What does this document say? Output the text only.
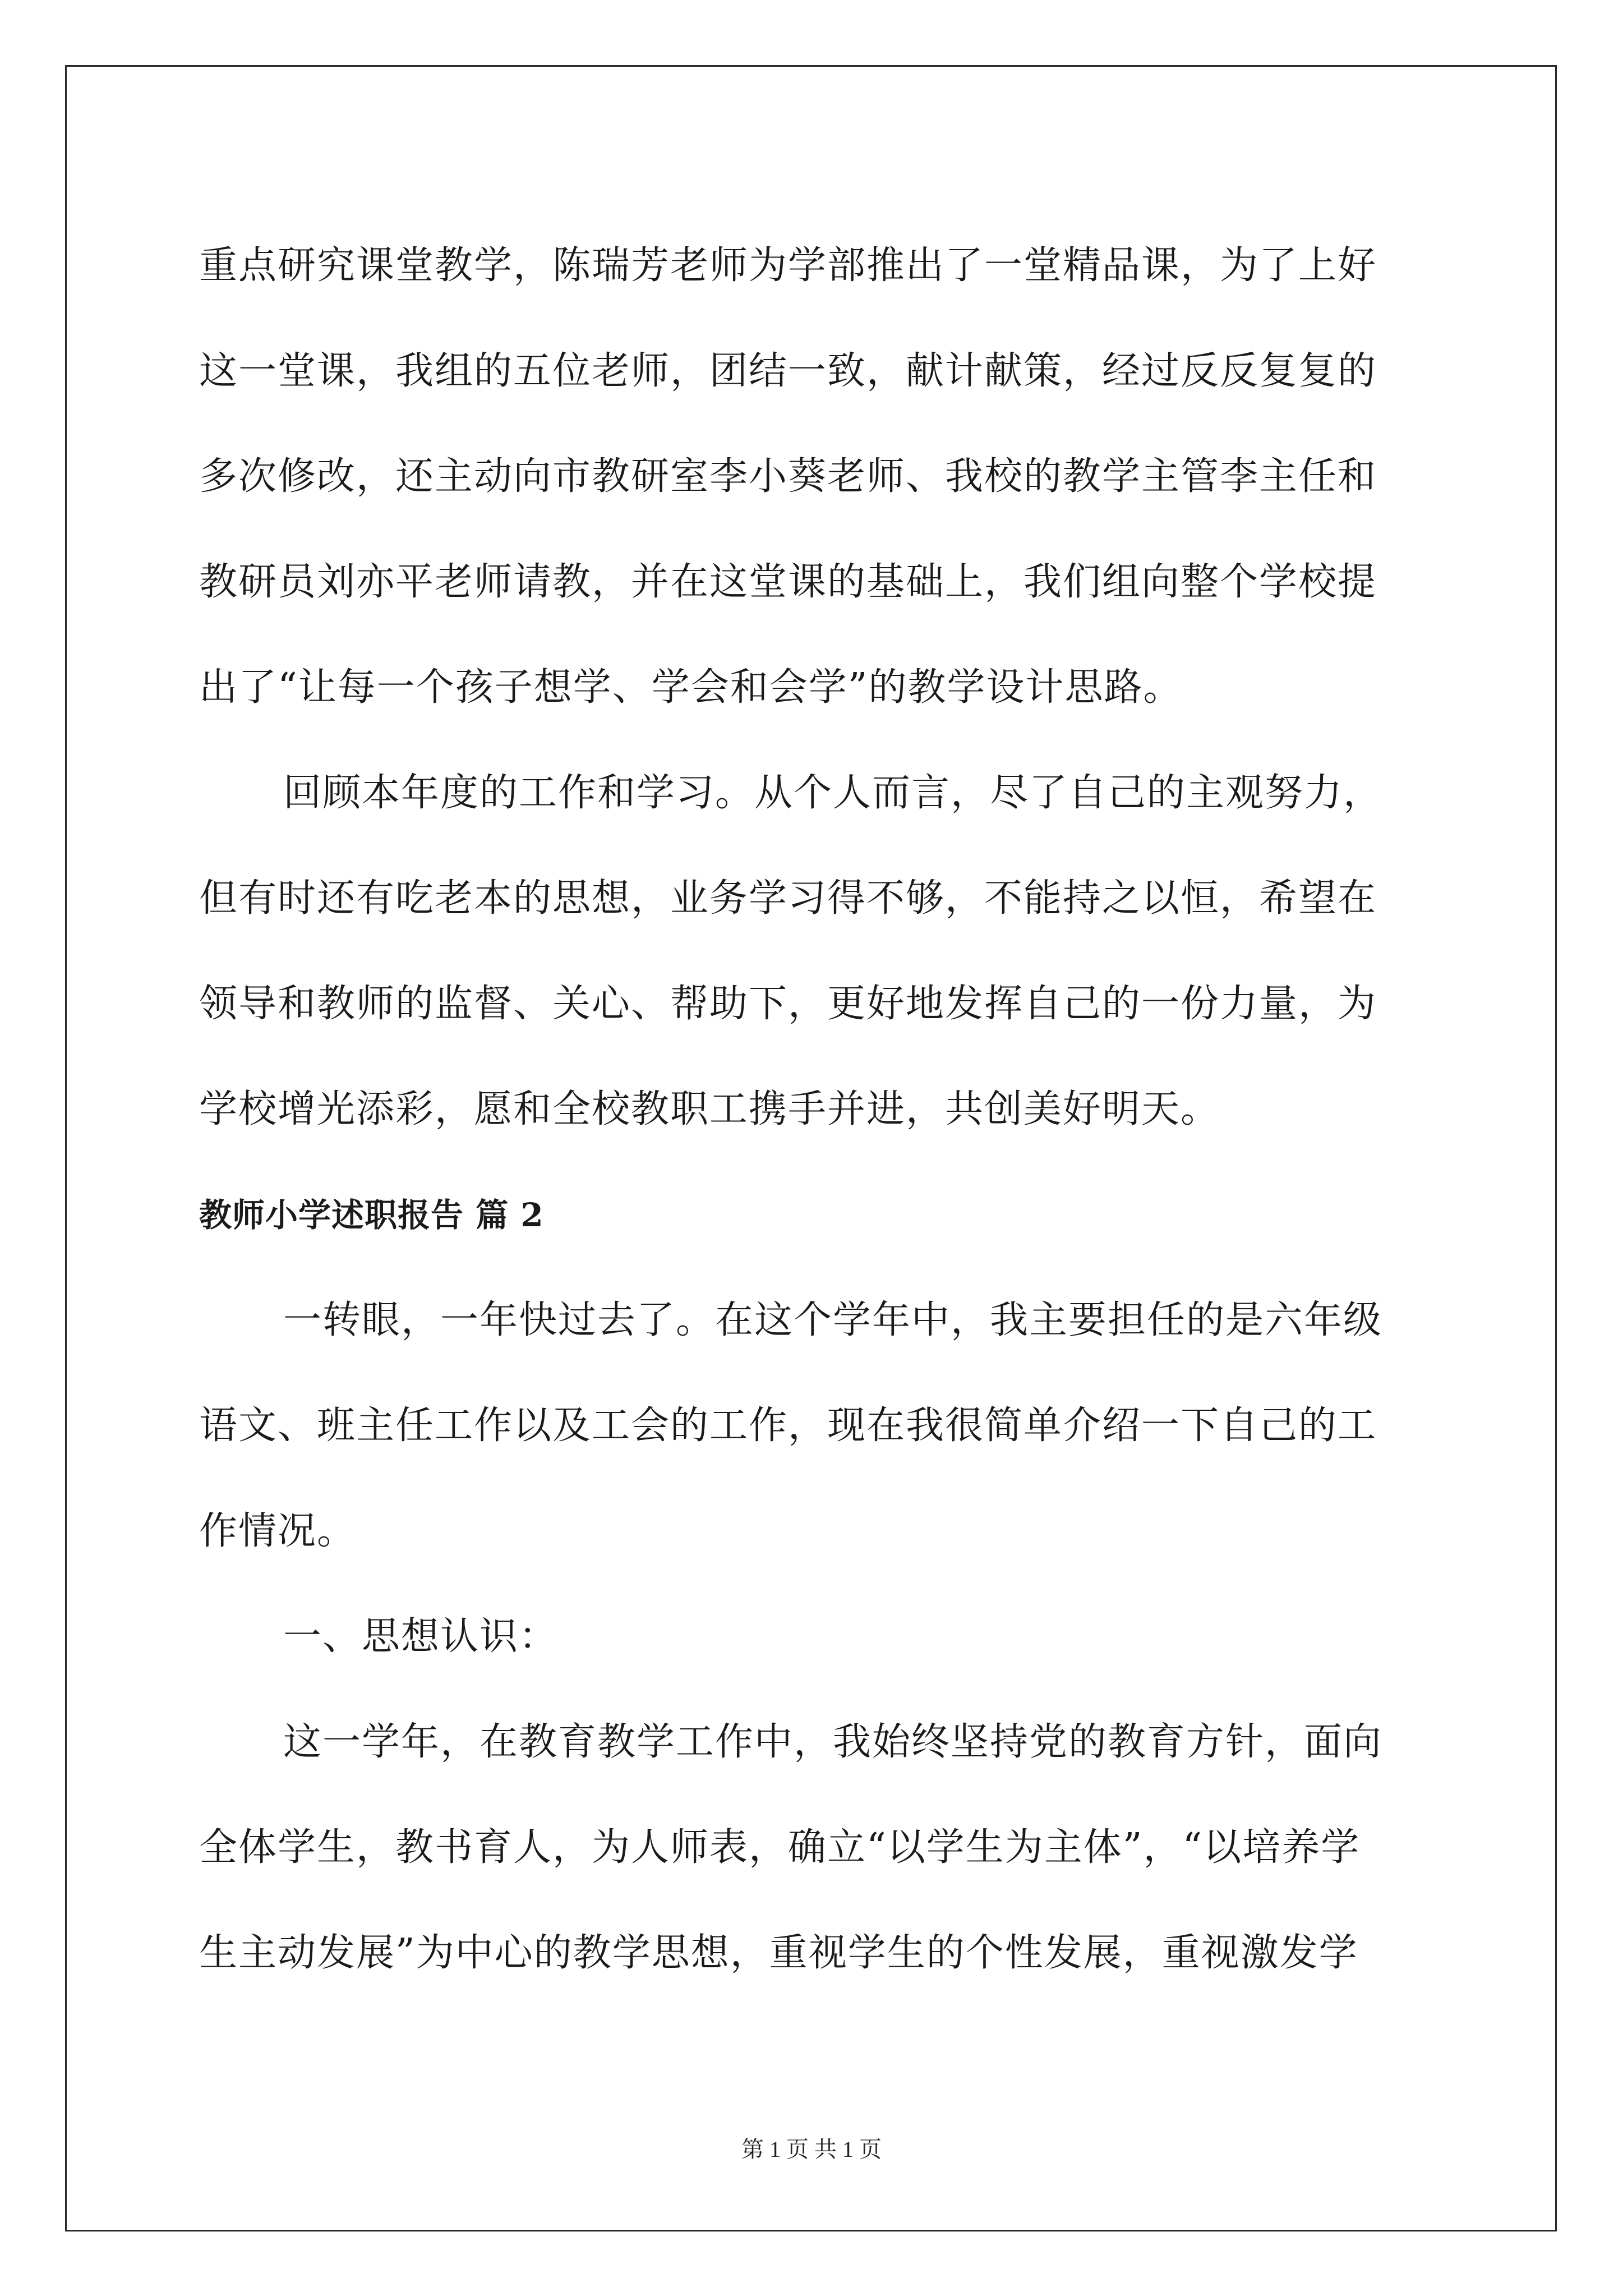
重点研究课堂教学，陈瑞芳老师为学部推出了一堂精品课，为了上好
这一堂课，我组的五位老师，团结一致，献计献策，经过反反复复的
多次修改，还主动向市教研室李小葵老师、我校的教学主管李主任和
教研员刘亦平老师请教，并在这堂课的基础上，我们组向整个学校提
出了“让每一个孩子想学、学会和会学”的教学设计思路。

回顾本年度的工作和学习。从个人而言，尽了自己的主观努力，
但有时还有吃老本的思想，业务学习得不够，不能持之以恒，希望在
领导和教师的监督、关心、帮助下，更好地发挥自己的一份力量，为
学校增光添彩，愿和全校教职工携手并进，共创美好明天。

教师小学述职报告 篇 2

一转眼，一年快过去了。在这个学年中，我主要担任的是六年级
语文、班主任工作以及工会的工作，现在我很简单介绍一下自己的工
作情况。

一、思想认识：

这一学年，在教育教学工作中，我始终坚持党的教育方针，面向
全体学生，教书育人，为人师表，确立“以学生为主体”，“以培养学
生主动发展”为中心的教学思想，重视学生的个性发展，重视激发学

第 1 页 共 1 页
